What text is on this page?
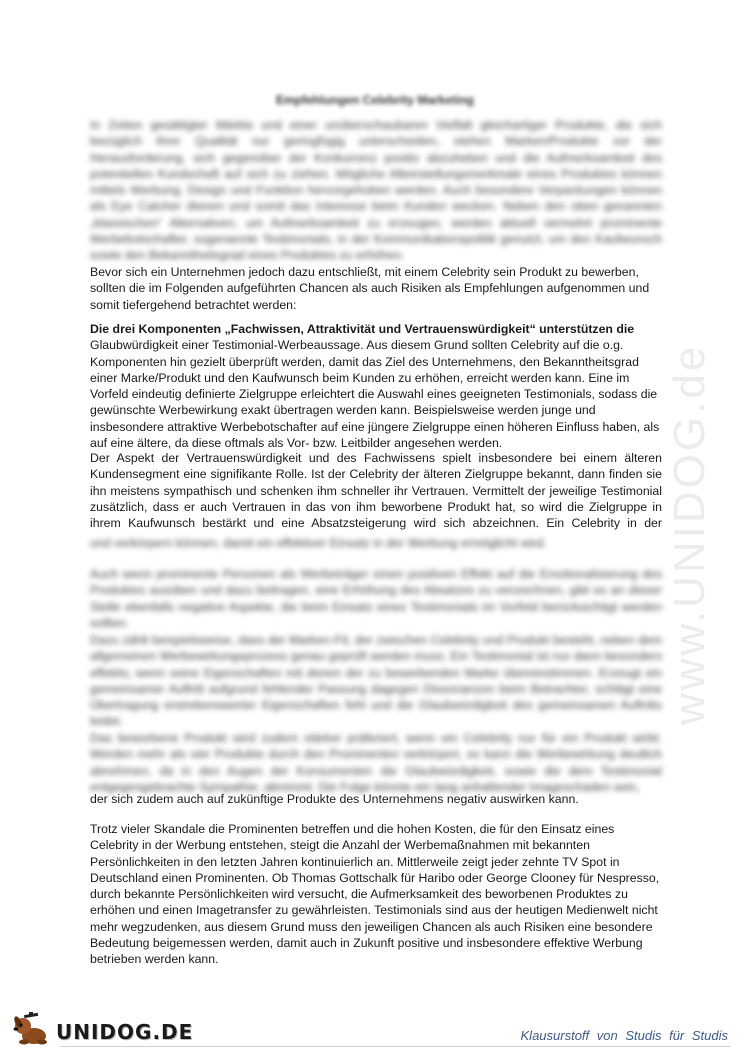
www.UNIDOG.de
Empfehlungen Celebrity Marketing

In Zeiten gesättigter Märkte und einer unüberschaubaren Vielfalt gleichartiger Produkte, die sich bezüglich ihrer Qualität nur geringfügig unterscheiden, stehen Marken/Produkte vor der Herausforderung, sich gegenüber der Konkurrenz positiv abzuheben und die Aufmerksamkeit des potentiellen Kundschaft auf sich zu ziehen. Mögliche Alleinstellungsmerkmale eines Produktes können mittels Werbung, Design und Funktion hervorgehoben werden. Auch besondere Verpackungen können als Eye Catcher dienen und somit das Interesse beim Kunden wecken. Neben den oben genannten „klassischen“ Alternativen, um Aufmerksamkeit zu erzeugen, werden aktuell vermehrt prominente Werbebotschafter, sogenannte Testimonials, in der Kommunikationspolitik genutzt, um den Kaufwunsch sowie den Bekanntheitsgrad eines Produktes zu erhöhen.

Bevor sich ein Unternehmen jedoch dazu entschließt, mit einem Celebrity sein Produkt zu bewerben, sollten die im Folgenden aufgeführten Chancen als auch Risiken als Empfehlungen aufgenommen und somit tiefergehend betrachtet werden:

Die drei Komponenten „Fachwissen, Attraktivität und Vertrauenswürdigkeit“ unterstützen die Glaubwürdigkeit einer Testimonial-Werbeaussage. Aus diesem Grund sollten Celebrity auf die o.g. Komponenten hin gezielt überprüft werden, damit das Ziel des Unternehmens, den Bekanntheitsgrad einer Marke/Produkt und den Kaufwunsch beim Kunden zu erhöhen, erreicht werden kann. Eine im Vorfeld eindeutig definierte Zielgruppe erleichtert die Auswahl eines geeigneten Testimonials, sodass die gewünschte Werbewirkung exakt übertragen werden kann. Beispielsweise werden junge und insbesondere attraktive Werbebotschafter auf eine jüngere Zielgruppe einen höheren Einfluss haben, als auf eine ältere, da diese oftmals als Vor- bzw. Leitbilder angesehen werden.

Der Aspekt der Vertrauenswürdigkeit und des Fachwissens spielt insbesondere bei einem älteren Kundensegment eine signifikante Rolle. Ist der Celebrity der älteren Zielgruppe bekannt, dann finden sie ihn meistens sympathisch und schenken ihm schneller ihr Vertrauen. Vermittelt der jeweilige Testimonial zusätzlich, dass er auch Vertrauen in das von ihm beworbene Produkt hat, so wird die Zielgruppe in ihrem Kaufwunsch bestärkt und eine Absatzsteigerung wird sich abzeichnen. Ein Celebrity in der

und verkörpern können, damit ein effektiver Einsatz in der Werbung ermöglicht wird.

Auch wenn prominente Personen als Werbeträger einen positiven Effekt auf die Emotionalisierung des Produktes ausüben und dazu beitragen, eine Erhöhung des Absatzes zu verzeichnen, gibt es an dieser Stelle ebenfalls negative Aspekte, die beim Einsatz eines Testimonials im Vorfeld berücksichtigt werden sollten.

Dazu zählt beispielsweise, dass der Marken-Fit, der zwischen Celebrity und Produkt besteht, neben dem allgemeinen Werbewirkungsprozess genau geprüft werden muss. Ein Testimonial ist nur dann besonders effektiv, wenn seine Eigenschaften mit denen der zu bewerbenden Marke übereinstimmen. Erzeugt ein gemeinsamer Auftritt aufgrund fehlender Passung dagegen Dissonanzen beim Betrachter, schlägt eine Übertragung erstrebenswerter Eigenschaften fehl und die Glaubwürdigkeit des gemeinsamen Auftritts leidet.

Das beworbene Produkt wird zudem stärker präferiert, wenn ein Celebrity nur für ein Produkt wirbt. Werden mehr als vier Produkte durch den Prominenten verkörpert, so kann die Werbewirkung deutlich abnehmen, da in den Augen der Konsumenten die Glaubwürdigkeit, sowie die dem Testimonial entgegengebrachte Sympathie, abnimmt. Die Folge könnte ein lang anhaltender Imageschaden sein,

der sich zudem auch auf zukünftige Produkte des Unternehmens negativ auswirken kann.

Trotz vieler Skandale die Prominenten betreffen und die hohen Kosten, die für den Einsatz eines Celebrity in der Werbung entstehen, steigt die Anzahl der Werbemaßnahmen mit bekannten Persönlichkeiten in den letzten Jahren kontinuierlich an. Mittlerweile zeigt jeder zehnte TV Spot in Deutschland einen Prominenten. Ob Thomas Gottschalk für Haribo oder George Clooney für Nespresso, durch bekannte Persönlichkeiten wird versucht, die Aufmerksamkeit des beworbenen Produktes zu erhöhen und einen Imagetransfer zu gewährleisten. Testimonials sind aus der heutigen Medienwelt nicht mehr wegzudenken, aus diesem Grund muss den jeweiligen Chancen als auch Risiken eine besondere Bedeutung beigemessen werden, damit auch in Zukunft positive und insbesondere effektive Werbung betrieben werden kann.

UNIDOG.DE	Klausurstoff von Studis für Studis
